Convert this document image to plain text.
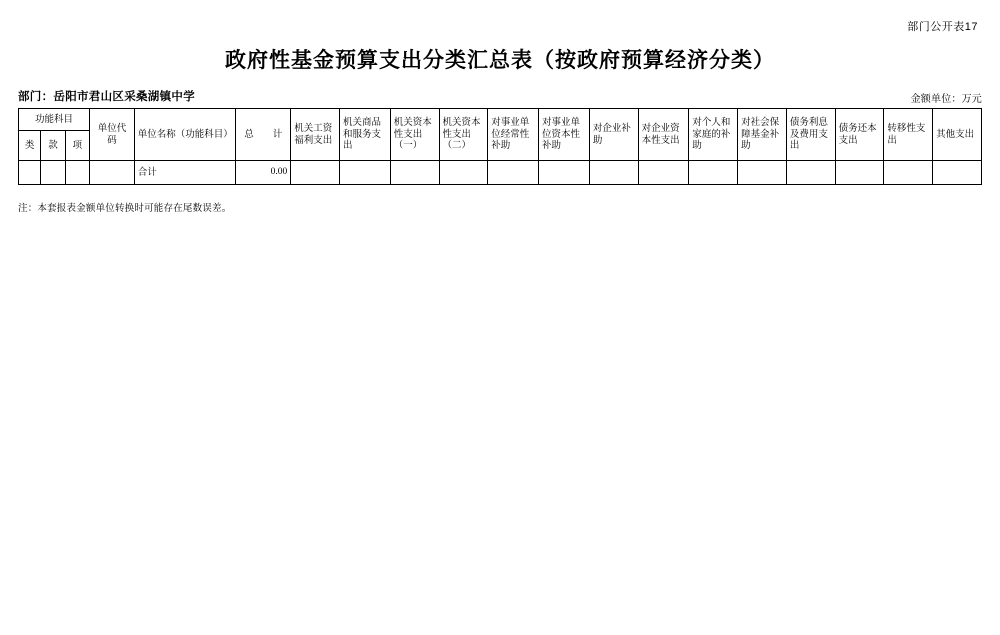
部门公开表17
政府性基金预算支出分类汇总表（按政府预算经济分类）
部门：岳阳市君山区采桑湖镇中学	金额单位：万元
功能科目			单位代码	单位名称（功能科目）	总　　计	机关工资福利支出	机关商品和服务支出	机关资本性支出（一）	机关资本性支出（二）	对事业单位经常性补助	对事业单位资本性补助	对企业补助	对企业资本性支出	对个人和家庭的补助	对社会保障基金补助	债务利息及费用支出	债务还本支出	转移性支出	其他支出
类	款	项																	
				合计	0.00														
注：本套报表金额单位转换时可能存在尾数误差。
